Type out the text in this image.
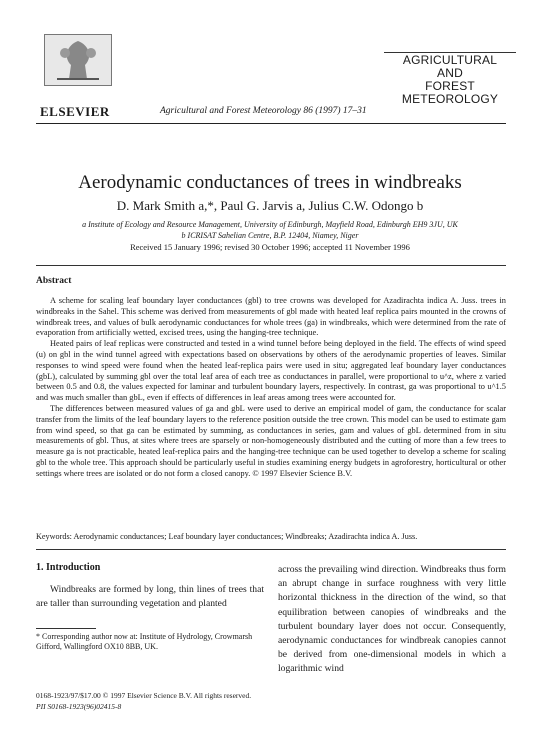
ELSEVIER	Agricultural and Forest Meteorology 86 (1997) 17–31
AGRICULTURAL
AND
FOREST
METEOROLOGY
Aerodynamic conductances of trees in windbreaks
D. Mark Smith a,*, Paul G. Jarvis a, Julius C.W. Odongo b
a Institute of Ecology and Resource Management, University of Edinburgh, Mayfield Road, Edinburgh EH9 3JU, UK
b ICRISAT Sahelian Centre, B.P. 12404, Niamey, Niger
Received 15 January 1996; revised 30 October 1996; accepted 11 November 1996
Abstract

A scheme for scaling leaf boundary layer conductances (gbl) to tree crowns was developed for Azadirachta indica A. Juss. trees in windbreaks in the Sahel. This scheme was derived from measurements of gbl made with heated leaf replica pairs mounted in the crowns of windbreak trees, and values of bulk aerodynamic conductances for whole trees (ga) in windbreaks, which were determined from the rate of evaporation from artificially wetted, excised trees, using the hanging-tree technique.

Heated pairs of leaf replicas were constructed and tested in a wind tunnel before being deployed in the field. The effects of wind speed (u) on gbl in the wind tunnel agreed with expectations based on observations by others of the aerodynamic properties of leaves. Similar responses to wind speed were found when the heated leaf-replica pairs were used in situ; aggregated leaf boundary layer conductances (gbL), calculated by summing gbl over the total leaf area of each tree as conductances in parallel, were proportional to u^z, where z varied between 0.5 and 0.8, the values expected for laminar and turbulent boundary layers, respectively. In contrast, ga was proportional to u^1.5 and was much smaller than gbL, even if effects of differences in leaf areas among trees were accounted for.

The differences between measured values of ga and gbL were used to derive an empirical model of gam, the conductance for scalar transfer from the limits of the leaf boundary layers to the reference position outside the tree crown. This model can be used to estimate gam from wind speed, so that ga can be estimated by summing, as conductances in series, gam and values of gbL determined from in situ measurements of gbl. Thus, at sites where trees are sparsely or non-homogeneously distributed and the cutting of more than a few trees to measure ga is not practicable, heated leaf-replica pairs and the hanging-tree technique can be used together to develop a scheme for scaling gbl to the whole tree. This approach should be particularly useful in studies examining energy budgets in agroforestry, horticultural or other settings where trees are isolated or do not form a closed canopy. © 1997 Elsevier Science B.V.

Keywords: Aerodynamic conductances; Leaf boundary layer conductances; Windbreaks; Azadirachta indica A. Juss.
1. Introduction

Windbreaks are formed by long, thin lines of trees that are taller than surrounding vegetation and planted

across the prevailing wind direction. Windbreaks thus form an abrupt change in surface roughness with very little horizontal thickness in the direction of the wind, so that equilibration between canopies of windbreaks and the turbulent boundary layer does not occur. Consequently, aerodynamic conductances for windbreak canopies cannot be derived from one-dimensional models in which a logarithmic wind

* Corresponding author now at: Institute of Hydrology, Crowmarsh Gifford, Wallingford OX10 8BB, UK.
0168-1923/97/$17.00 © 1997 Elsevier Science B.V. All rights reserved.
PII S0168-1923(96)02415-8
